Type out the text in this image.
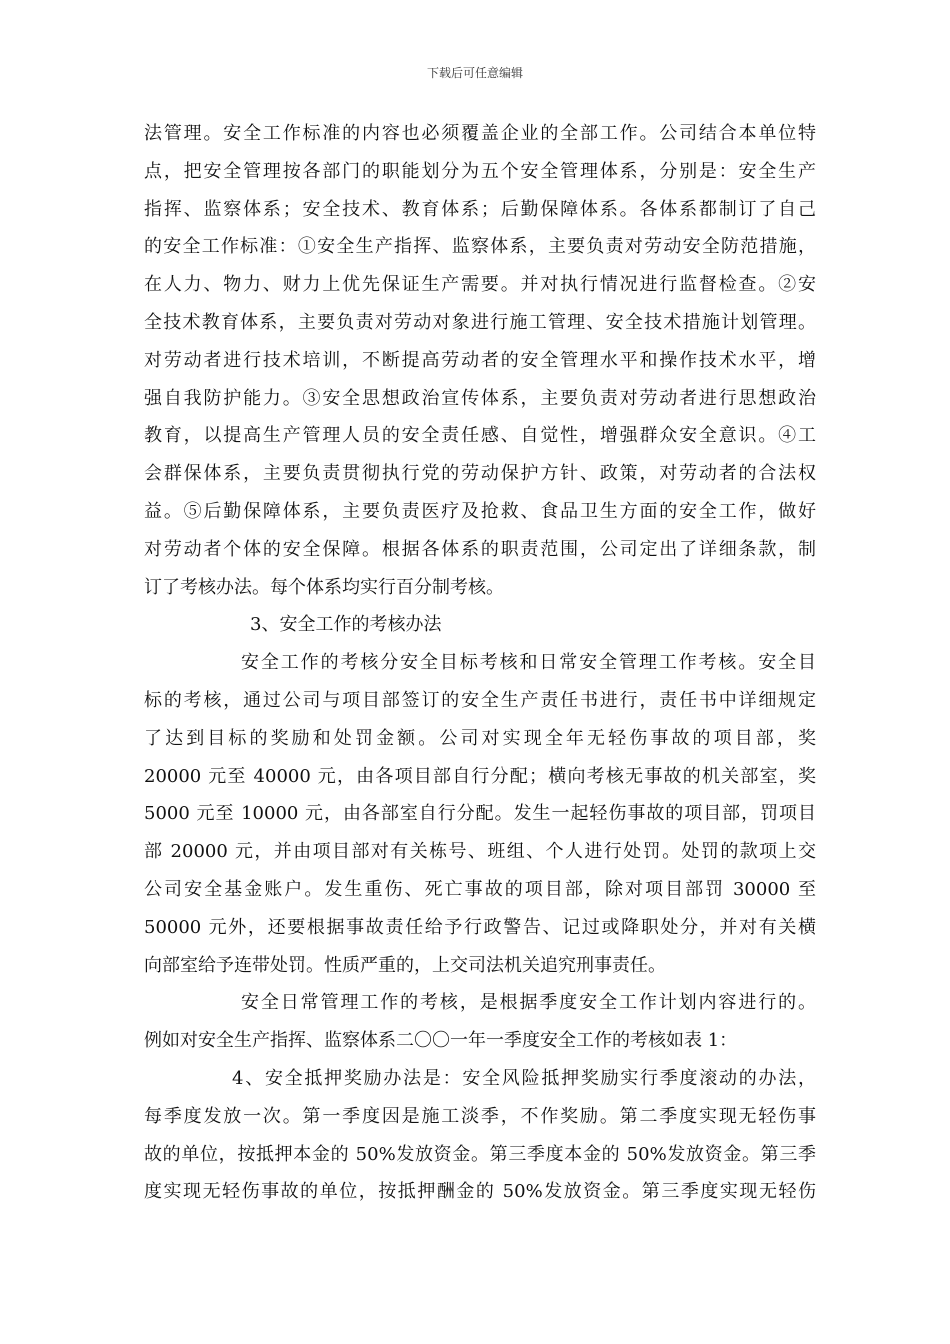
下载后可任意编辑
法管理。安全工作标准的内容也必须覆盖企业的全部工作。公司结合本单位特
点，把安全管理按各部门的职能划分为五个安全管理体系，分别是：安全生产
指挥、监察体系；安全技术、教育体系；后勤保障体系。各体系都制订了自己
的安全工作标准：①安全生产指挥、监察体系，主要负责对劳动安全防范措施，
在人力、物力、财力上优先保证生产需要。并对执行情况进行监督检查。②安
全技术教育体系，主要负责对劳动对象进行施工管理、安全技术措施计划管理。
对劳动者进行技术培训，不断提高劳动者的安全管理水平和操作技术水平，增
强自我防护能力。③安全思想政治宣传体系，主要负责对劳动者进行思想政治
教育，以提高生产管理人员的安全责任感、自觉性，增强群众安全意识。④工
会群保体系，主要负责贯彻执行党的劳动保护方针、政策，对劳动者的合法权
益。⑤后勤保障体系，主要负责医疗及抢救、食品卫生方面的安全工作，做好
对劳动者个体的安全保障。根据各体系的职责范围，公司定出了详细条款，制
订了考核办法。每个体系均实行百分制考核。
3、安全工作的考核办法
安全工作的考核分安全目标考核和日常安全管理工作考核。安全目
标的考核，通过公司与项目部签订的安全生产责任书进行，责任书中详细规定
了达到目标的奖励和处罚金额。公司对实现全年无轻伤事故的项目部，奖
20000 元至 40000 元，由各项目部自行分配；横向考核无事故的机关部室，奖
5000 元至 10000 元，由各部室自行分配。发生一起轻伤事故的项目部，罚项目
部 20000 元，并由项目部对有关栋号、班组、个人进行处罚。处罚的款项上交
公司安全基金账户。发生重伤、死亡事故的项目部，除对项目部罚 30000 至
50000 元外，还要根据事故责任给予行政警告、记过或降职处分，并对有关横
向部室给予连带处罚。性质严重的，上交司法机关追究刑事责任。
安全日常管理工作的考核，是根据季度安全工作计划内容进行的。
例如对安全生产指挥、监察体系二〇〇一年一季度安全工作的考核如表 1：
4、安全抵押奖励办法是：安全风险抵押奖励实行季度滚动的办法，
每季度发放一次。第一季度因是施工淡季，不作奖励。第二季度实现无轻伤事
故的单位，按抵押本金的 50%发放资金。第三季度本金的 50%发放资金。第三季
度实现无轻伤事故的单位，按抵押酬金的 50%发放资金。第三季度实现无轻伤
